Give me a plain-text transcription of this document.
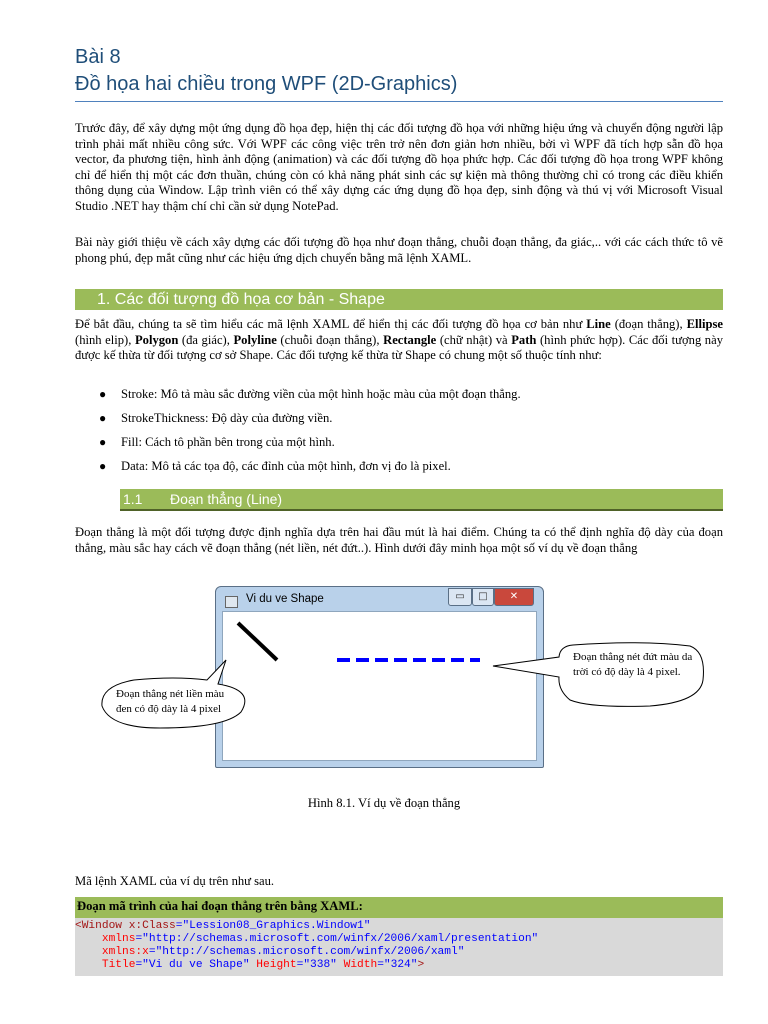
Bài 8
Đồ họa hai chiều trong WPF (2D-Graphics)

Trước đây, để xây dựng một ứng dụng đồ họa đẹp, hiện thị các đối tượng đồ họa với những hiệu ứng và chuyển động người lập trình phải mất nhiều công sức. Với WPF các công việc trên trở nên đơn giản hơn nhiều, bởi vì WPF đã tích hợp sẵn đồ họa vector, đa phương tiện, hình ảnh động (animation) và các đối tượng đồ họa phức hợp. Các đối tượng đồ họa trong WPF không chỉ để hiển thị một các đơn thuần, chúng còn có khả năng phát sinh các sự kiện mà thông thường chỉ có trong các điều khiển thông dụng của Window. Lập trình viên có thể xây dựng các ứng dụng đồ họa đẹp, sinh động và thú vị với Microsoft Visual Studio .NET hay thậm chí chỉ cần sử dụng NotePad.

Bài này giới thiệu về cách xây dựng các đối tượng đồ họa như đoạn thẳng, chuỗi đoạn thẳng, đa giác,.. với các cách thức tô vẽ phong phú, đẹp mắt cũng như các hiệu ứng dịch chuyển bằng mã lệnh XAML.

1. Các đối tượng đồ họa cơ bản - Shape

Để bắt đầu, chúng ta sẽ tìm hiểu các mã lệnh XAML để hiển thị các đối tượng đồ họa cơ bản như Line (đoạn thẳng), Ellipse (hình elip), Polygon (đa giác), Polyline (chuỗi đoạn thẳng), Rectangle (chữ nhật) và Path (hình phức hợp). Các đối tượng này được kế thừa từ đối tượng cơ sở Shape. Các đối tượng kế thừa từ Shape có chung một số thuộc tính như:

● Stroke: Mô tả màu sắc đường viền của một hình hoặc màu của một đoạn thẳng.
● StrokeThickness: Độ dày của đường viền.
● Fill: Cách tô phần bên trong của một hình.
● Data: Mô tả các tọa độ, các đỉnh của một hình, đơn vị đo là pixel.
1.1 Đoạn thẳng (Line)

Đoạn thẳng là một đối tượng được định nghĩa dựa trên hai đầu mút là hai điểm. Chúng ta có thể định nghĩa độ dày của đoạn thẳng, màu sắc hay cách vẽ đoạn thẳng (nét liền, nét đứt..). Hình dưới đây minh họa một số ví dụ về đoạn thẳng

Vi du ve Shape	▭	□	✕
Đoạn thẳng nét liền màu đen có độ dày là 4 pixel
Đoạn thẳng nét đứt màu da trời có độ dày là 4 pixel.
Hình 8.1. Ví dụ về đoạn thẳng

Mã lệnh XAML của ví dụ trên như sau.

Đoạn mã trình của hai đoạn thẳng trên bằng XAML:
<Window x:Class="Lession08_Graphics.Window1"
xmlns="http://schemas.microsoft.com/winfx/2006/xaml/presentation"
xmlns:x="http://schemas.microsoft.com/winfx/2006/xaml"
Title="Vi du ve Shape" Height="338" Width="324">
